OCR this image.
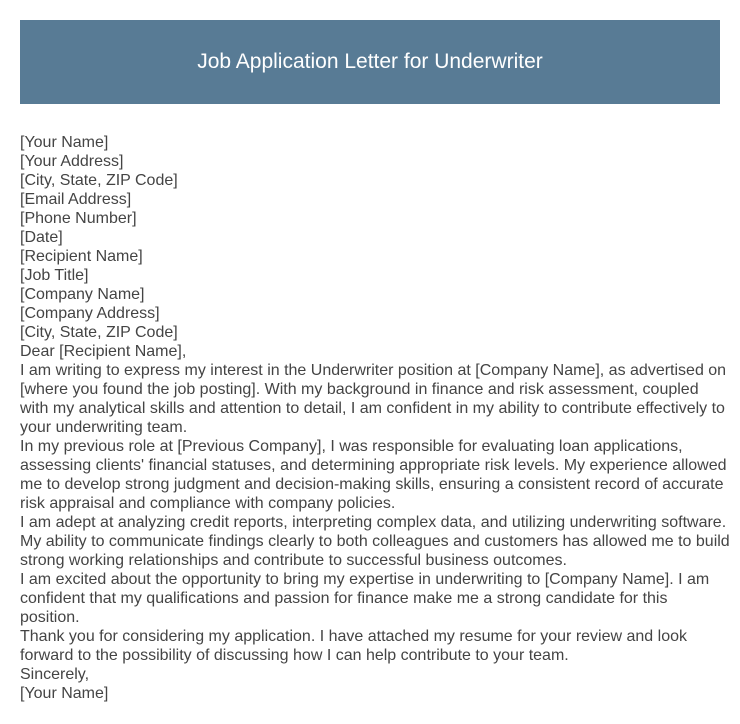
Job Application Letter for Underwriter

[Your Name]

[Your Address]

[City, State, ZIP Code]

[Email Address]

[Phone Number]

[Date]

[Recipient Name]

[Job Title]

[Company Name]

[Company Address]

[City, State, ZIP Code]

Dear [Recipient Name],

I am writing to express my interest in the Underwriter position at [Company Name], as advertised on [where you found the job posting]. With my background in finance and risk assessment, coupled with my analytical skills and attention to detail, I am confident in my ability to contribute effectively to your underwriting team.

In my previous role at [Previous Company], I was responsible for evaluating loan applications, assessing clients' financial statuses, and determining appropriate risk levels. My experience allowed me to develop strong judgment and decision-making skills, ensuring a consistent record of accurate risk appraisal and compliance with company policies.

I am adept at analyzing credit reports, interpreting complex data, and utilizing underwriting software. My ability to communicate findings clearly to both colleagues and customers has allowed me to build strong working relationships and contribute to successful business outcomes.

I am excited about the opportunity to bring my expertise in underwriting to [Company Name]. I am confident that my qualifications and passion for finance make me a strong candidate for this position.

Thank you for considering my application. I have attached my resume for your review and look forward to the possibility of discussing how I can help contribute to your team.

Sincerely,

[Your Name]
